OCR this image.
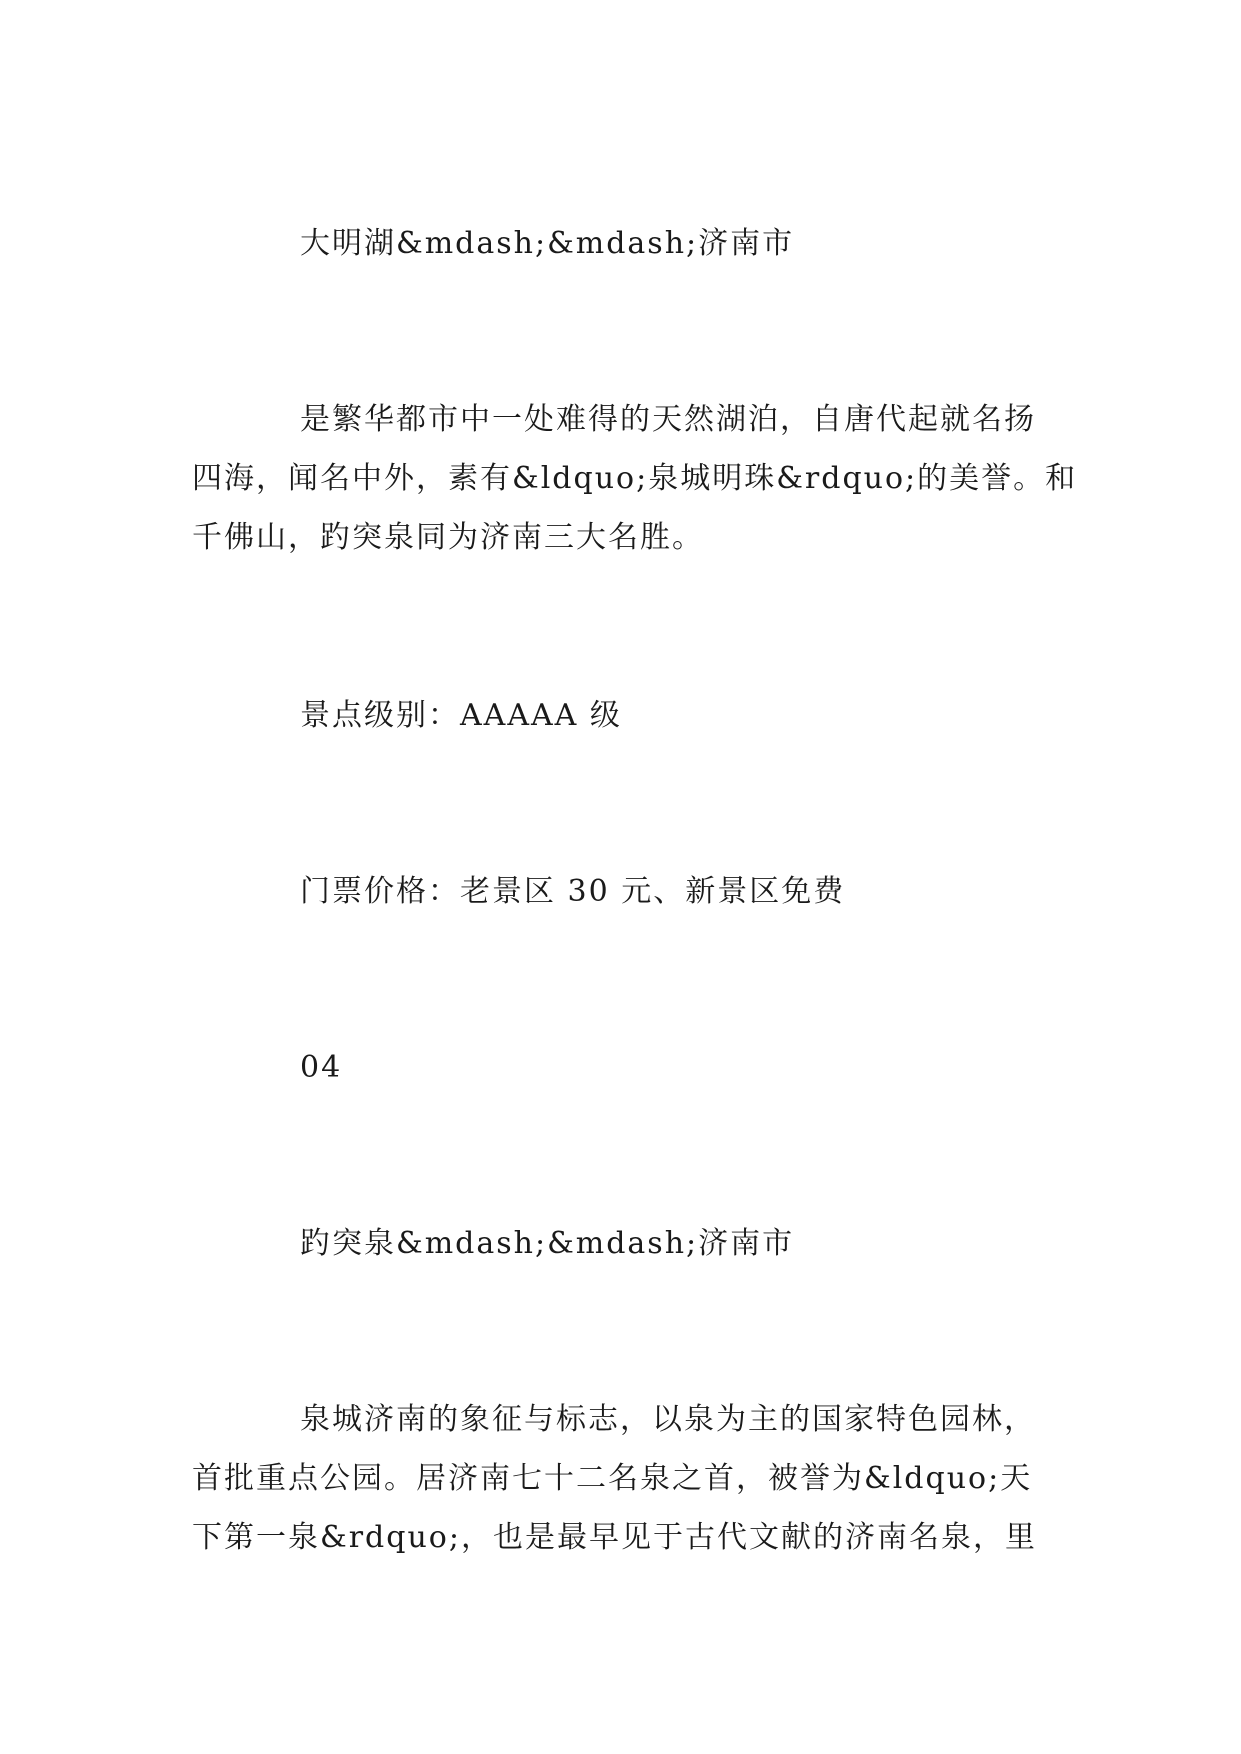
大明湖&mdash;&mdash;济南市
是繁华都市中一处难得的天然湖泊，自唐代起就名扬
四海，闻名中外，素有&ldquo;泉城明珠&rdquo;的美誉。和
千佛山，趵突泉同为济南三大名胜。
景点级别：AAAAA 级
门票价格：老景区 30 元、新景区免费
04
趵突泉&mdash;&mdash;济南市
泉城济南的象征与标志，以泉为主的国家特色园林，
首批重点公园。居济南七十二名泉之首，被誉为&ldquo;天
下第一泉&rdquo;，也是最早见于古代文献的济南名泉，里
